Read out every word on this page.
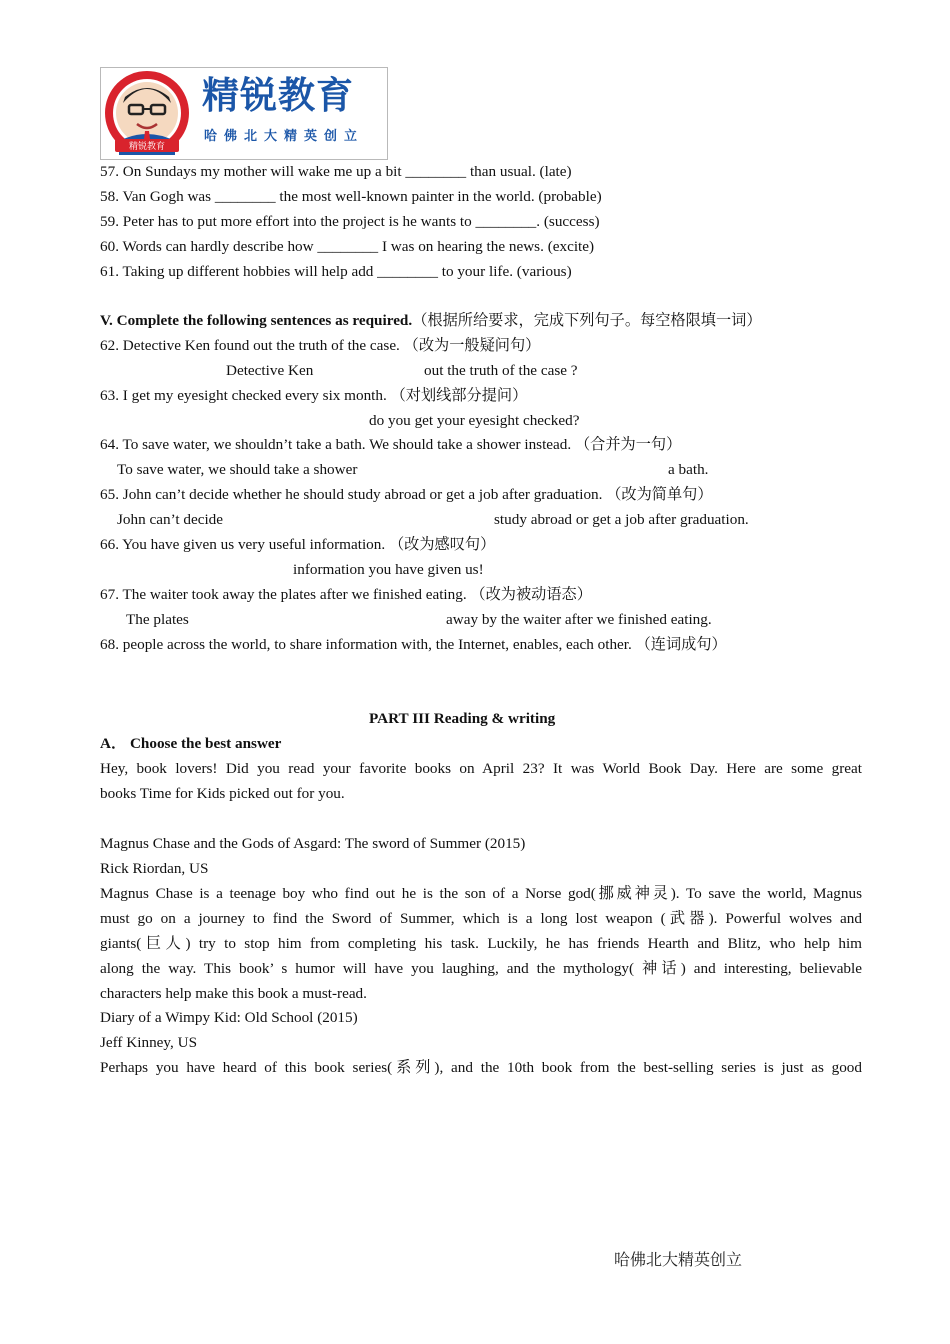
精锐教育
精锐教育
哈佛北大精英创立
57. On Sundays my mother will wake me up a bit ________ than usual. (late)
58. Van Gogh was ________ the most well-known painter in the world. (probable)
59. Peter has to put more effort into the project is he wants to ________. (success)
60. Words can hardly describe how ________ I was on hearing the news. (excite)
61. Taking up different hobbies will help add ________ to your life. (various)
V. Complete the following sentences as required.（根据所给要求，完成下列句子。每空格限填一词）
62. Detective Ken found out the truth of the case. （改为一般疑问句）
Detective Ken	out the truth of the case ?
63. I get my eyesight checked every six month. （对划线部分提问）
do you get your eyesight checked?
64. To save water, we shouldn’t take a bath. We should take a shower instead. （合并为一句）
To save water, we should take a shower	a bath.
65. John can’t decide whether he should study abroad or get a job after graduation. （改为简单句）
John can’t decide	study abroad or get a job after graduation.
66. You have given us very useful information. （改为感叹句）
information you have given us!
67. The waiter took away the plates after we finished eating. （改为被动语态）
The plates	away by the waiter after we finished eating.
68. people across the world, to share information with, the Internet, enables, each other. （连词成句）
PART III Reading & writing
A． Choose the best answer
Hey, book lovers! Did you read your favorite books on April 23? It was World Book Day. Here are some great
books Time for Kids picked out for you.
Magnus Chase and the Gods of Asgard: The sword of Summer (2015)
Rick Riordan, US
Magnus Chase is a teenage boy who find out he is the son of a Norse god(挪威神灵). To save the world, Magnus
must go on a journey to find the Sword of Summer, which is a long lost weapon (武器). Powerful wolves and
giants(巨人) try to stop him from completing his task. Luckily, he has friends Hearth and Blitz, who help him
along the way. This book’ s humor will have you laughing, and the mythology( 神话) and interesting, believable
characters help make this book a must-read.
Diary of a Wimpy Kid: Old School (2015)
Jeff Kinney, US
Perhaps you have heard of this book series(系列), and the 10th book from the best-selling series is just as good
哈佛北大精英创立
